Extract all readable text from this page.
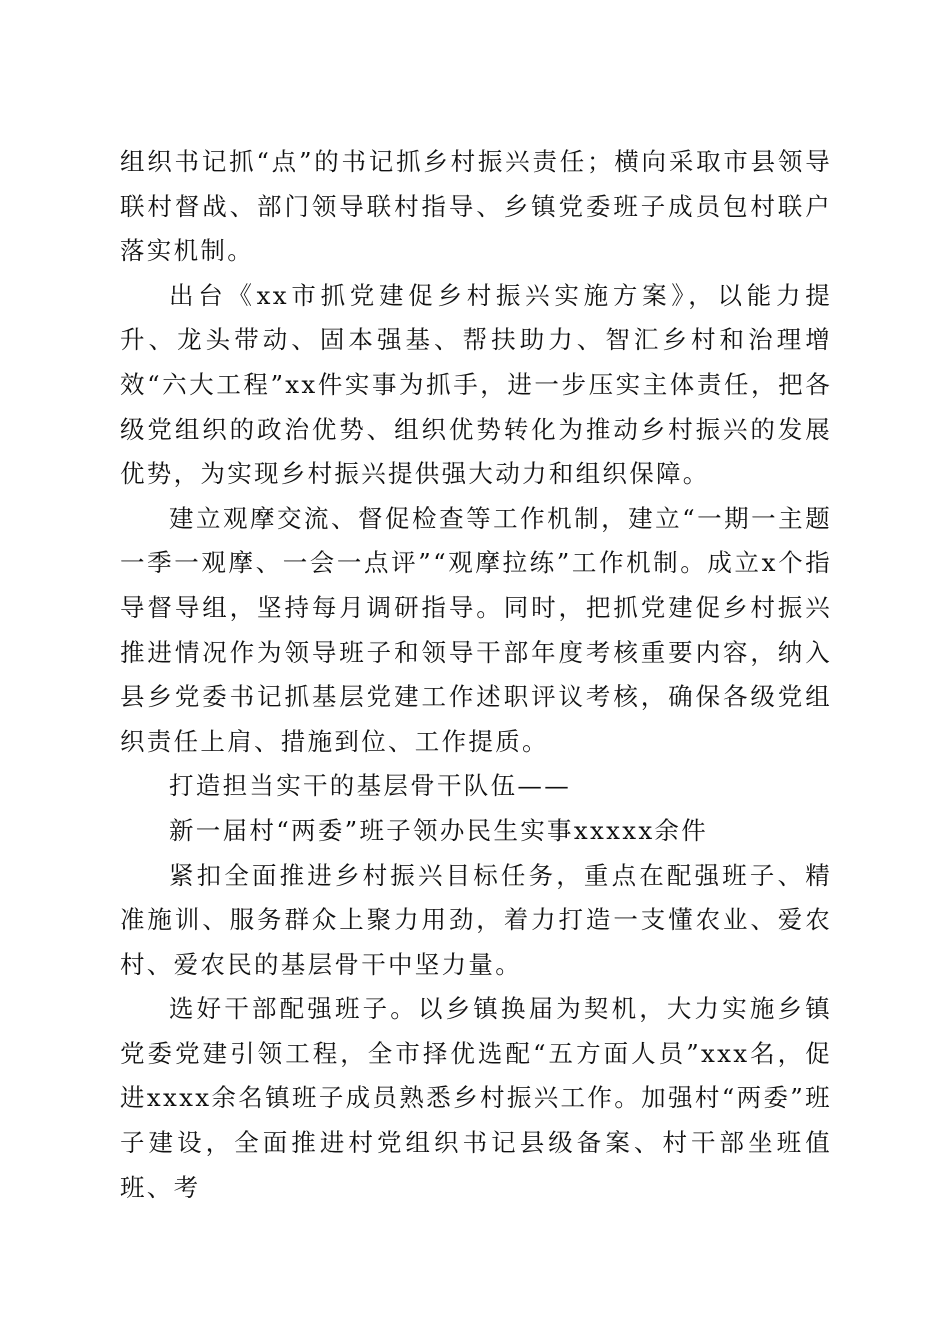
组织书记抓“点”的书记抓乡村振兴责任；横向采取市县领导联村督战、部门领导联村指导、乡镇党委班子成员包村联户落实机制。

出台《xx市抓党建促乡村振兴实施方案》，以能力提升、龙头带动、固本强基、帮扶助力、智汇乡村和治理增效“六大工程”xx件实事为抓手，进一步压实主体责任，把各级党组织的政治优势、组织优势转化为推动乡村振兴的发展优势，为实现乡村振兴提供强大动力和组织保障。

建立观摩交流、督促检查等工作机制，建立“一期一主题一季一观摩、一会一点评”“观摩拉练”工作机制。成立x个指导督导组，坚持每月调研指导。同时，把抓党建促乡村振兴推进情况作为领导班子和领导干部年度考核重要内容，纳入县乡党委书记抓基层党建工作述职评议考核，确保各级党组织责任上肩、措施到位、工作提质。

打造担当实干的基层骨干队伍——

新一届村“两委”班子领办民生实事xxxxx余件

紧扣全面推进乡村振兴目标任务，重点在配强班子、精准施训、服务群众上聚力用劲，着力打造一支懂农业、爱农村、爱农民的基层骨干中坚力量。

选好干部配强班子。以乡镇换届为契机，大力实施乡镇党委党建引领工程，全市择优选配“五方面人员”xxx名，促进xxxx余名镇班子成员熟悉乡村振兴工作。加强村“两委”班子建设，全面推进村党组织书记县级备案、村干部坐班值班、考
